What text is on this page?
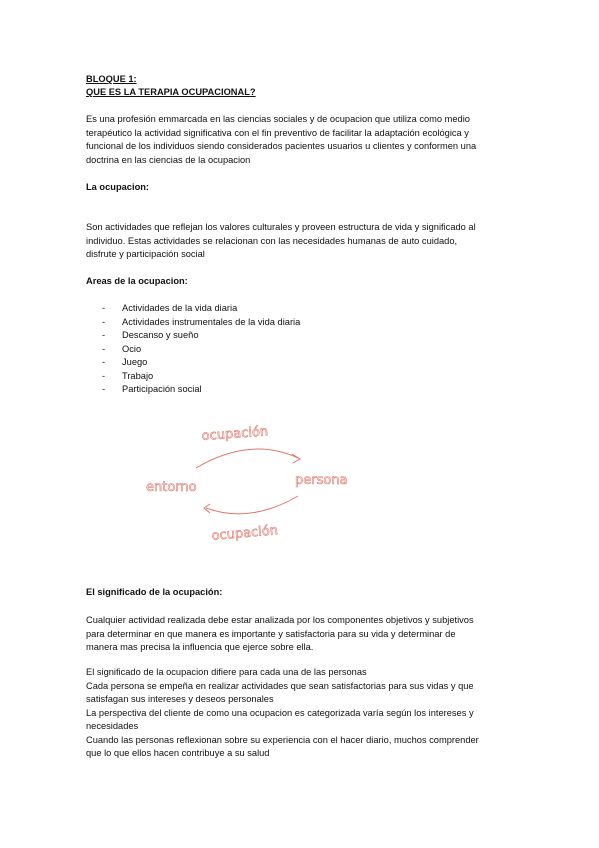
BLOQUE 1:
QUE ES LA TERAPIA OCUPACIONAL?
Es una profesión emmarcada en las ciencias sociales y de ocupacion que utiliza como medio
terapéutico la actividad significativa con el fin preventivo de facilitar la adaptación ecológica y
funcional de los individuos siendo considerados pacientes usuarios u clientes y conformen una
doctrina en las ciencias de la ocupacion
La ocupacion:
Son actividades que reflejan los valores culturales y proveen estructura de vida y significado al
individuo. Estas actividades se relacionan con las necesidades humanas de auto cuidado,
disfrute y participación social
Areas de la ocupacion:
- Actividades de la vida diaria
- Actividades instrumentales de la vida diaria
- Descanso y sueño
- Ocio
- Juego
- Trabajo
- Participación social
ocupación
entorno	persona
ocupación
El significado de la ocupación:
Cualquier actividad realizada debe estar analizada por los componentes objetivos y subjetivos
para determinar en que manera es importante y satisfactoria para su vida y determinar de
manera mas precisa la influencia que ejerce sobre ella.
El significado de la ocupacion difiere para cada una de las personas
Cada persona se empeña en realizar actividades que sean satisfactorias para sus vidas y que
satisfagan sus intereses y deseos personales
La perspectiva del cliente de como una ocupacion es categorizada varía según los intereses y
necesidades
Cuando las personas reflexionan sobre su experiencia con el hacer diario, muchos comprender
que lo que ellos hacen contribuye a su salud
